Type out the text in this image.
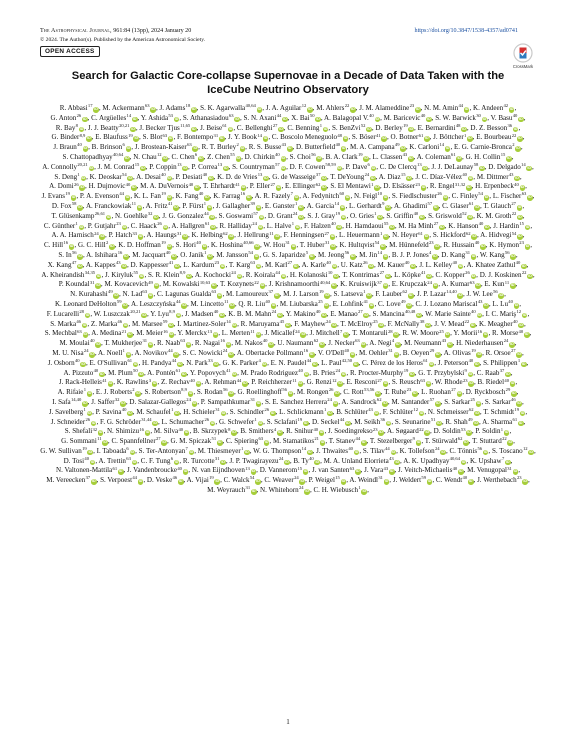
The Astrophysical Journal, 961:84 (13pp), 2024 January 20
© 2024. The Author(s). Published by the American Astronomical Society.
https://doi.org/10.3847/1538-4357/ad0741
OPEN ACCESS
CrossMark
Search for Galactic Core-collapse Supernovae in a Decade of Data Taken with the
IceCube Neutrino Observatory
R. Abbasi$^{17}$iD, M. Ackermann$^{63}$iD, J. Adams$^{18}$iD, S. K. Agarwalla$^{40,64}$iD, J. A. Aguilar$^{12}$iD, M. Ahlers$^{22}$iD, J. M. Alameddine$^{23}$iD, N. M. Amin$^{44}$iD, K. Andeen$^{42}$iD, G. Anton$^{26}$iD, C. Argüelles$^{14}$iD, Y. Ashida$^{53}$iD, S. Athanasiadou$^{63}$iD, S. N. Axani$^{44}$iD, X. Bai$^{50}$iD, A. Balagopal V.$^{40}$iD, M. Baricevic$^{40}$iD, S. W. Barwick$^{30}$iD, V. Basu$^{40}$iD, R. Bay$^8$iD, J. J. Beatty$^{20,21}$iD, J. Becker Tjus$^{11,65}$iD, J. Beise$^{61}$iD, C. Bellenghi$^{27}$iD, C. Benning$^1$iD, S. BenZvi$^{52}$iD, D. Berley$^{19}$iD, E. Bernardini$^{48}$iD, D. Z. Besson$^{36}$iD, G. Binder$^{8,9}$iD, E. Blaufuss$^{19}$iD, S. Blot$^{63}$iD, F. Bontempo$^{31}$iD, J. Y. Book$^{14}$iD, C. Boscolo Meneguolo$^{48}$iD, S. Böser$^{41}$iD, O. Botner$^{61}$iD, J. Böttcher$^1$iD, E. Bourbeau$^{22}$iD, J. Braun$^{40}$iD, B. Brinson$^6$iD, J. Brostean-Kaiser$^{63}$iD, R. T. Burley$^2$iD, R. S. Busse$^{43}$iD, D. Butterfield$^{40}$iD, M. A. Campana$^{49}$iD, K. Carloni$^{14}$iD, E. G. Carnie-Bronca$^2$iD, S. Chattopadhyay$^{40,64}$iD, N. Chau$^{12}$iD, C. Chen$^6$iD, Z. Chen$^{55}$iD, D. Chirkin$^{40}$iD, S. Choi$^{56}$iD, B. A. Clark$^{19}$iD, L. Classen$^{43}$iD, A. Coleman$^{61}$iD, G. H. Collin$^{15}$iD, A. Connolly$^{20,21}$iD, J. M. Conrad$^{15}$iD, P. Coppin$^{13}$iD, P. Correa$^{13}$iD, S. Countryman$^{57}$iD, D. F. Cowen$^{58,59}$iD, P. Dave$^6$iD, C. De Clercq$^{13}$iD, J. J. DeLaunay$^{58}$iD, D. Delgado$^{14}$iD, S. Deng$^1$iD, K. Deoskar$^{54}$iD, A. Desai$^{40}$iD, P. Desiati$^{40}$iD, K. D. de Vries$^{13}$iD, G. de Wasseige$^{37}$iD, T. DeYoung$^{24}$iD, A. Diaz$^{15}$iD, J. C. Díaz-Vélez$^{40}$iD, M. Dittmer$^{43}$iD, A. Domi$^{26}$iD, H. Dujmovic$^{40}$iD, M. A. DuVernois$^{40}$iD, T. Ehrhardt$^{41}$iD, P. Eller$^{27}$iD, E. Ellinger$^{62}$iD, S. El Mentawi$^1$iD, D. Elsässer$^{23}$iD, R. Engel$^{31,32}$iD, H. Erpenbeck$^{40}$iD, J. Evans$^{19}$iD, P. A. Evenson$^{44}$iD, K. L. Fan$^{19}$iD, K. Fang$^{40}$iD, K. Farrag$^{16}$iD, A. R. Fazely$^7$iD, A. Fedynitch$^{60}$iD, N. Feigl$^{10}$iD, S. Fiedlschuster$^{26}$iD, C. Finley$^{54}$iD, L. Fischer$^{63}$iD, D. Fox$^{58}$iD, A. Franckowiak$^{11}$iD, A. Fritz$^{41}$iD, P. Fürst$^1$iD, J. Gallagher$^{39}$iD, E. Ganster$^1$iD, A. Garcia$^{14}$iD, L. Gerhardt$^9$iD, A. Ghadimi$^{57}$iD, C. Glaser$^{61}$iD, T. Glauch$^{27}$iD, T. Glüsenkamp$^{26,61}$iD, N. Goehlke$^{32}$iD, J. G. Gonzalez$^{44}$iD, S. Goswami$^{57}$iD, D. Grant$^{24}$iD, S. J. Gray$^{19}$iD, O. Gries$^1$iD, S. Griffin$^{40}$iD, S. Griswold$^{52}$iD, K. M. Groth$^{22}$iD, C. Günther$^1$iD, P. Gutjahr$^{23}$iD, C. Haack$^{26}$iD, A. Hallgren$^{61}$iD, R. Halliday$^{24}$iD, L. Halve$^1$iD, F. Halzen$^{40}$iD, H. Hamdaoui$^{55}$iD, M. Ha Minh$^{27}$iD, K. Hanson$^{40}$iD, J. Hardin$^{15}$iD, A. A. Harnisch$^{24}$iD, P. Hatch$^{33}$iD, A. Haungs$^{31}$iD, K. Helbing$^{62}$iD, J. Hellrung$^{11}$iD, F. Henningsen$^{27}$iD, L. Heuermann$^1$iD, N. Heyer$^{61}$iD, S. Hickford$^{62}$iD, A. Hidvegi$^{54}$iD, C. Hill$^{16}$iD, G. C. Hill$^2$iD, K. D. Hoffman$^{19}$iD, S. Hori$^{40}$iD, K. Hoshina$^{40,66}$iD, W. Hou$^{31}$iD, T. Huber$^{31}$iD, K. Hultqvist$^{54}$iD, M. Hünnefeld$^{23}$iD, R. Hussain$^{40}$iD, K. Hymon$^{23}$iD, S. In$^{56}$iD, A. Ishihara$^{16}$iD, M. Jacquart$^{40}$iD, O. Janik$^1$iD, M. Jansson$^{54}$iD, G. S. Japaridze$^5$iD, M. Jeong$^{56}$iD, M. Jin$^{14}$iD, B. J. P. Jones$^4$iD, D. Kang$^{31}$iD, W. Kang$^{56}$iD, X. Kang$^{47}$iD, A. Kappes$^{43}$iD, D. Kappesser$^{41}$iD, L. Kardum$^{23}$iD, T. Karg$^{63}$iD, M. Karl$^{27}$iD, A. Karle$^{40}$iD, U. Katz$^{26}$iD, M. Kauer$^{40}$iD, J. L. Kelley$^{40}$iD, A. Khatee Zathul$^{40}$iD, A. Kheirandish$^{34,35}$iD, J. Kiryluk$^{55}$iD, S. R. Klein$^{8,9}$iD, A. Kochocki$^{24}$iD, R. Koirala$^{44}$iD, H. Kolanoski$^{10}$iD, T. Kontrimas$^{27}$iD, L. Köpke$^{41}$iD, C. Kopper$^{26}$iD, D. J. Koskinen$^{22}$iD, P. Koundal$^{31}$iD, M. Kovacevich$^{49}$iD, M. Kowalski$^{10,63}$iD, T. Kozynets$^{22}$iD, J. Krishnamoorthi$^{40,64}$iD, K. Kruiswijk$^{37}$iD, E. Krupczak$^{24}$iD, A. Kumar$^{63}$iD, E. Kun$^{11}$iD, N. Kurahashi$^{49}$iD, N. Lad$^{63}$iD, C. Lagunas Gualda$^{63}$iD, M. Lamoureux$^{37}$iD, M. J. Larson$^{19}$iD, S. Latseva$^1$iD, F. Lauber$^{62}$iD, J. P. Lazar$^{14,40}$iD, J. W. Lee$^{56}$iD, K. Leonard DeHolton$^{59}$iD, A. Leszczyńska$^{44}$iD, M. Lincetto$^{11}$iD, Q. R. Liu$^{40}$iD, M. Liubarska$^{25}$iD, E. Lohfink$^{41}$iD, C. Love$^{49}$iD, C. J. Lozano Mariscal$^{43}$iD, L. Lu$^{40}$iD, F. Lucarelli$^{28}$iD, W. Luszczak$^{20,21}$iD, Y. Lyu$^{8,9}$iD, J. Madsen$^{40}$iD, K. B. M. Mahn$^{24}$iD, Y. Makino$^{40}$iD, E. Manao$^{27}$iD, S. Mancina$^{40,48}$iD, W. Marie Sainte$^{40}$iD, I. C. Mariş$^{12}$iD, S. Marka$^{46}$iD, Z. Marka$^{46}$iD, M. Marsee$^{59}$iD, I. Martinez-Soler$^{14}$iD, R. Maruyama$^{45}$iD, F. Mayhew$^{24}$iD, T. McElroy$^{25}$iD, F. McNally$^{38}$iD, J. V. Mead$^{22}$iD, K. Meagher$^{40}$iD, S. Mechbal$^{63}$iD, A. Medina$^{21}$iD, M. Meier$^{16}$iD, Y. Merckx$^{13}$iD, L. Merten$^{11}$iD, J. Micallef$^{24}$iD, J. Mitchell$^7$iD, T. Montaruli$^{28}$iD, R. W. Moore$^{25}$iD, Y. Morii$^{16}$iD, R. Morse$^{40}$iD, M. Moulai$^{40}$iD, T. Mukherjee$^{31}$iD, R. Naab$^{63}$iD, R. Nagai$^{16}$iD, M. Nakos$^{40}$iD, U. Naumann$^{62}$iD, J. Necker$^{63}$iD, A. Negi$^4$iD, M. Neumann$^{43}$iD, H. Niederhausen$^{24}$iD, M. U. Nisa$^{24}$iD, A. Noell$^1$iD, A. Novikov$^{44}$iD, S. C. Nowicki$^{24}$iD, A. Obertacke Pollmann$^{16}$iD, V. O'Dell$^{40}$iD, M. Oehler$^{31}$iD, B. Oeyen$^{29}$iD, A. Olivas$^{19}$iD, R. Orsoe$^{27}$iD, J. Osborn$^{40}$iD, E. O'Sullivan$^{61}$iD, H. Pandya$^{44}$iD, N. Park$^{33}$iD, G. K. Parker$^4$iD, E. N. Paudel$^{44}$iD, L. Paul$^{42,50}$iD, C. Pérez de los Heros$^{61}$iD, J. Peterson$^{40}$iD, S. Philippen$^1$iD, A. Pizzuto$^{40}$iD, M. Plum$^{50}$iD, A. Pontén$^{61}$iD, Y. Popovych$^{41}$iD, M. Prado Rodriguez$^{40}$iD, B. Pries$^{24}$iD, R. Procter-Murphy$^{19}$iD, G. T. Przybylski$^9$iD, C. Raab$^{37}$iD, J. Rack-Helleis$^{41}$iD, K. Rawlins$^3$iD, Z. Rechav$^{40}$iD, A. Rehman$^{44}$iD, P. Reichherzer$^{11}$iD, G. Renzi$^{12}$iD, E. Resconi$^{27}$iD, S. Reusch$^{63}$iD, W. Rhode$^{23}$iD, B. Riedel$^{40}$iD, A. Rifaie$^1$iD, E. J. Roberts$^2$iD, S. Robertson$^{8,9}$iD, S. Rodan$^{56}$iD, G. Roellinghoff$^{56}$iD, M. Rongen$^{26}$iD, C. Rott$^{53,56}$iD, T. Ruhe$^{23}$iD, L. Ruohan$^{27}$iD, D. Ryckbosch$^{29}$iD, I. Safa$^{14,40}$iD, J. Saffer$^{32}$iD, D. Salazar-Gallegos$^{24}$iD, P. Sampathkumar$^{31}$iD, S. E. Sanchez Herrera$^{24}$iD, A. Sandrock$^{62}$iD, M. Santander$^{57}$iD, S. Sarkar$^{25}$iD, S. Sarkar$^{46}$iD, J. Savelberg$^1$iD, P. Savina$^{40}$iD, M. Schaufel$^1$iD, H. Schieler$^{31}$iD, S. Schindler$^{26}$iD, L. Schlickmann$^1$iD, B. Schlüter$^{43}$iD, F. Schlüter$^{12}$iD, N. Schmeisser$^{62}$iD, T. Schmidt$^{19}$iD, J. Schneider$^{26}$iD, F. G. Schröder$^{31,44}$iD, L. Schumacher$^{26}$iD, G. Schwefer$^1$iD, S. Sclafani$^{19}$iD, D. Seckel$^{44}$iD, M. Seikh$^{36}$iD, S. Seunarine$^{51}$iD, R. Shah$^{49}$iD, A. Sharma$^{61}$iD, S. Shefali$^{32}$iD, N. Shimizu$^{16}$iD, M. Silva$^{40}$iD, B. Skrzypek$^8$iD, B. Smithers$^4$iD, R. Snihur$^{40}$iD, J. Soedingrekso$^{23}$iD, A. Søgaard$^{22}$iD, D. Soldin$^{53}$iD, P. Soldin$^1$iD, G. Sommani$^{11}$iD, C. Spannfellner$^{27}$iD, G. M. Spiczak$^{51}$iD, C. Spiering$^{63}$iD, M. Stamatikos$^{21}$iD, T. Stanev$^{44}$iD, T. Stezelberger$^9$iD, T. Stürwald$^{62}$iD, T. Stuttard$^{22}$iD, G. W. Sullivan$^{19}$iD, I. Taboada$^6$iD, S. Ter-Antonyan$^7$iD, M. Thiesmeyer$^1$iD, W. G. Thompson$^{14}$iD, J. Thwaites$^{40}$iD, S. Tilav$^{44}$iD, K. Tollefson$^{24}$iD, C. Tönnis$^{56}$iD, S. Toscano$^{12}$iD, D. Tosi$^{40}$iD, A. Trettin$^{63}$iD, C. F. Tung$^6$iD, R. Turcotte$^{31}$iD, J. P. Twagirayezu$^{24}$iD, B. Ty$^{40}$iD, M. A. Unland Elorrieta$^{43}$iD, A. K. Upadhyay$^{40,64}$iD, K. Upshaw$^7$iD, N. Valtonen-Mattila$^{61}$iD, J. Vandenbroucke$^{40}$iD, N. van Eijndhoven$^{13}$iD, D. Vannerom$^{15}$iD, J. van Santen$^{63}$iD, J. Vara$^{43}$iD, J. Veitch-Michaelis$^{40}$iD, M. Venugopal$^{31}$iD, M. Vereecken$^{37}$iD, S. Verpoest$^{44}$iD, D. Veske$^{46}$iD, A. Vijai$^{19}$iD, C. Walck$^{54}$iD, C. Weaver$^{24}$iD, P. Weigel$^{15}$iD, A. Weindl$^{31}$iD, J. Weldert$^{59}$iD, C. Wendt$^{40}$iD, J. Werthebach$^{23}$iD, M. Weyrauch$^{31}$iD, N. Whitehorn$^{24}$iD, C. H. Wiebusch$^1$iD,
1
